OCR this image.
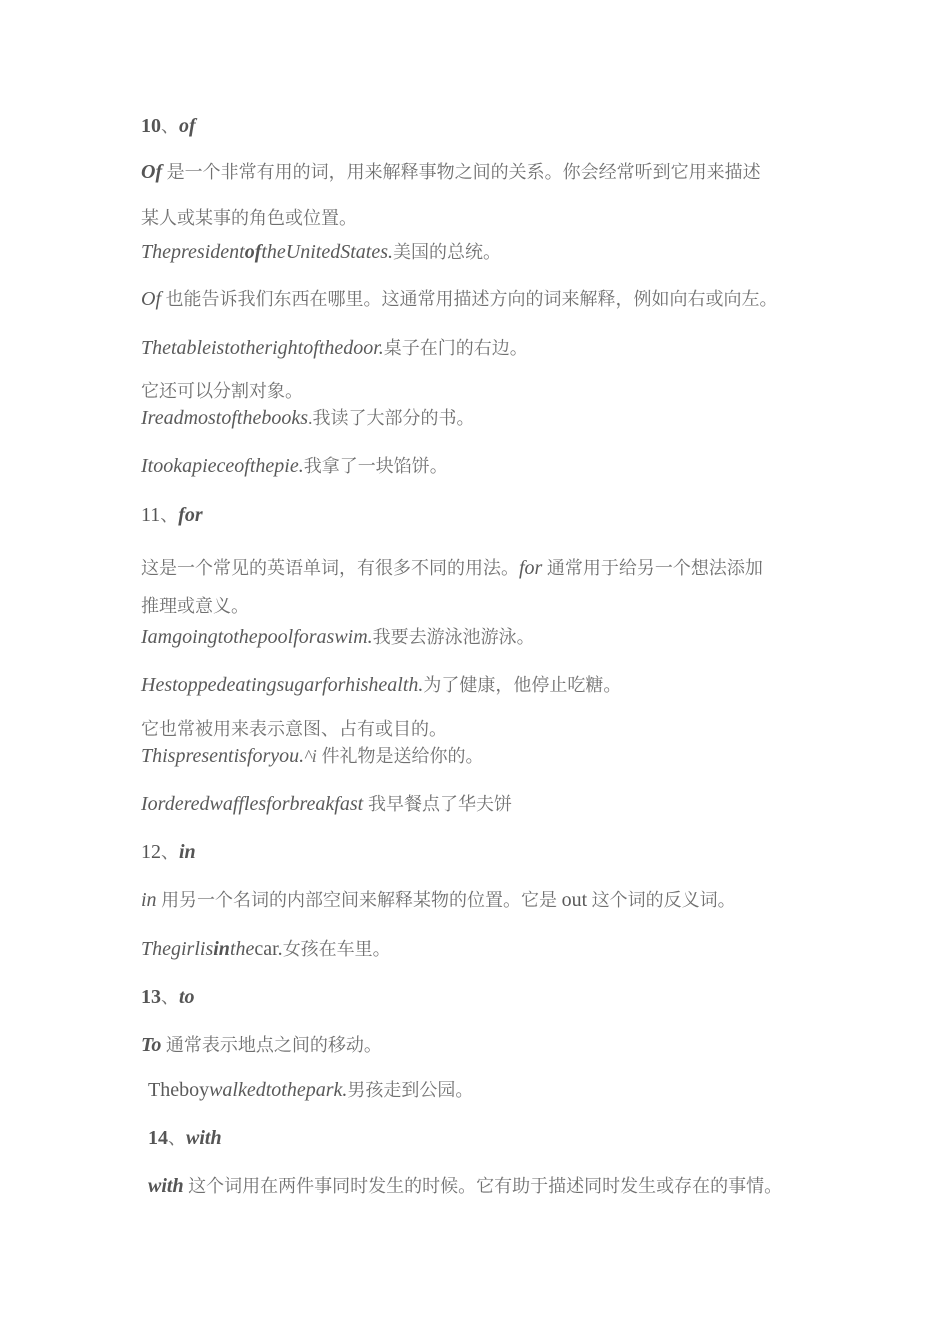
10、of
Of 是一个非常有用的词，用来解释事物之间的关系。你会经常听到它用来描述
某人或某事的角色或位置。
ThepresidentoftheUnitedStates.美国的总统。
Of 也能告诉我们东西在哪里。这通常用描述方向的词来解释，例如向右或向左。
Thetableistotherightofthedoor.桌子在门的右边。
它还可以分割对象。
Ireadmostofthebooks.我读了大部分的书。
Itookapieceofthepie.我拿了一块馅饼。
11、for
这是一个常见的英语单词，有很多不同的用法。for 通常用于给另一个想法添加
推理或意义。
Iamgoingtothepoolforaswim.我要去游泳池游泳。
Hestoppedeatingsugarforhishealth.为了健康，他停止吃糖。
它也常被用来表示意图、占有或目的。
Thispresentisforyou.^i 件礼物是送给你的。
Iorderedwafflesforbreakfast 我早餐点了华夫饼
12、in
in 用另一个名词的内部空间来解释某物的位置。它是 out 这个词的反义词。
Thegirlisinthecar.女孩在车里。
13、to
To 通常表示地点之间的移动。
Theboywalkedtothepark.男孩走到公园。
14、with
with 这个词用在两件事同时发生的时候。它有助于描述同时发生或存在的事情。
